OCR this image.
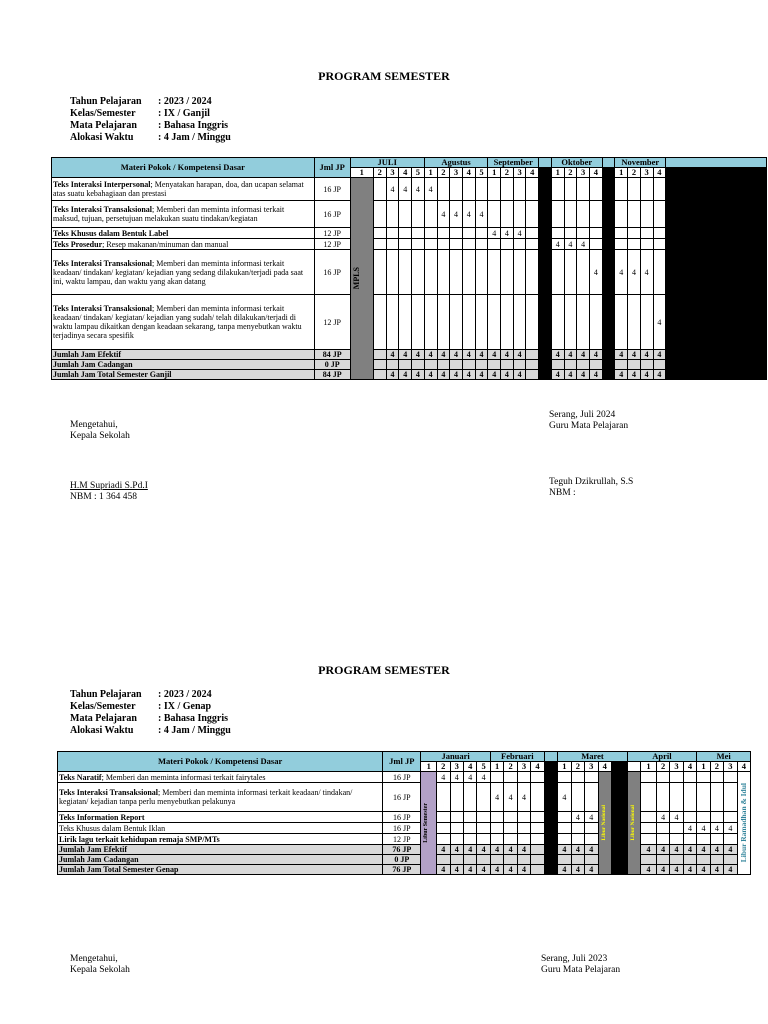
PROGRAM SEMESTER
Tahun Pelajaran	: 2023 / 2024
Kelas/Semester	: IX / Ganjil
Mata Pelajaran	: Bahasa Inggris
Alokasi Waktu	: 4 Jam / Minggu
Materi Pokok / Kompetensi Dasar	Jml JP	JULI					Agustus					September					Oktober					November				
		1	2	3	4	5	1	2	3	4	5	1	2	3	4		1	2	3	4		1	2	3	4	
Teks Interaksi Interpersonal; Menyatakan harapan, doa, dan ucapan selamat atas suatu kebahagiaan dan prestasi	16 JP	MPLS		4	4	4	4																			
Teks Interaksi Transaksional; Memberi dan meminta informasi terkait maksud, tujuan, persetujuan melakukan suatu tindakan/kegiatan	16 JP							4	4	4	4															
Teks Khusus dalam Bentuk Label	12 JP											4	4	4												
Teks Prosedur; Resep makanan/minuman dan manual	12 JP																4	4	4							
Teks Interaksi Transaksional; Memberi dan meminta informasi terkait keadaan/ tindakan/ kegiatan/ kejadian yang sedang dilakukan/terjadi pada saat ini, waktu lampau, dan waktu yang akan datang	16 JP																			4		4	4	4		
Teks Interaksi Transaksional; Memberi dan meminta informasi terkait keadaan/ tindakan/ kegiatan/ kejadian yang sudah/ telah dilakukan/terjadi di waktu lampau dikaitkan dengan keadaan sekarang, tanpa menyebutkan waktu terjadinya secara spesifik	12 JP																								4	
Jumlah Jam Efektif	84 JP			4	4	4	4	4	4	4	4	4	4	4			4	4	4	4		4	4	4	4	
Jumlah Jam Cadangan	0 JP																									
Jumlah Jam Total Semester Ganjil	84 JP			4	4	4	4	4	4	4	4	4	4	4			4	4	4	4		4	4	4	4	
Mengetahui,
Kepala Sekolah
H.M Supriadi S.Pd.I
NBM : 1 364 458
Serang, Juli 2024
Guru Mata Pelajaran
Teguh Dzikrullah, S.S
NBM :
PROGRAM SEMESTER
Tahun Pelajaran	: 2023 / 2024
Kelas/Semester	: IX / Genap
Mata Pelajaran	: Bahasa Inggris
Alokasi Waktu	: 4 Jam / Minggu
Materi Pokok / Kompetensi Dasar	Jml JP	Januari					Februari					Maret					April					Mei			
		1	2	3	4	5	1	2	3	4		1	2	3	4			1	2	3	4	1	2	3	4
Teks Naratif; Memberi dan meminta informasi terkait fairytales	16 JP	Libur Semester	4	4	4	4									Libur Nasional		Libur Nasional								Libur Ramadhan & Idul

Teks Interaksi Transaksional; Memberi dan meminta informasi terkait keadaan/ tindakan/ kegiatan/ kejadian tanpa perlu menyebutkan pelakunya	16 JP						4	4	4			4													
Teks Information Report	16 JP												4	4					4	4					
Teks Khusus dalam Bentuk Iklan	16 JP																				4	4	4	4	
Lirik lagu terkait kehidupan remaja SMP/MTs	12 JP																								
Jumlah Jam Efektif	76 JP		4	4	4	4	4	4	4			4	4	4				4	4	4	4	4	4	4	
Jumlah Jam Cadangan	0 JP																								
Jumlah Jam Total Semester Genap	76 JP		4	4	4	4	4	4	4			4	4	4				4	4	4	4	4	4	4	
Mengetahui,
Kepala Sekolah
Serang, Juli 2023
Guru Mata Pelajaran
